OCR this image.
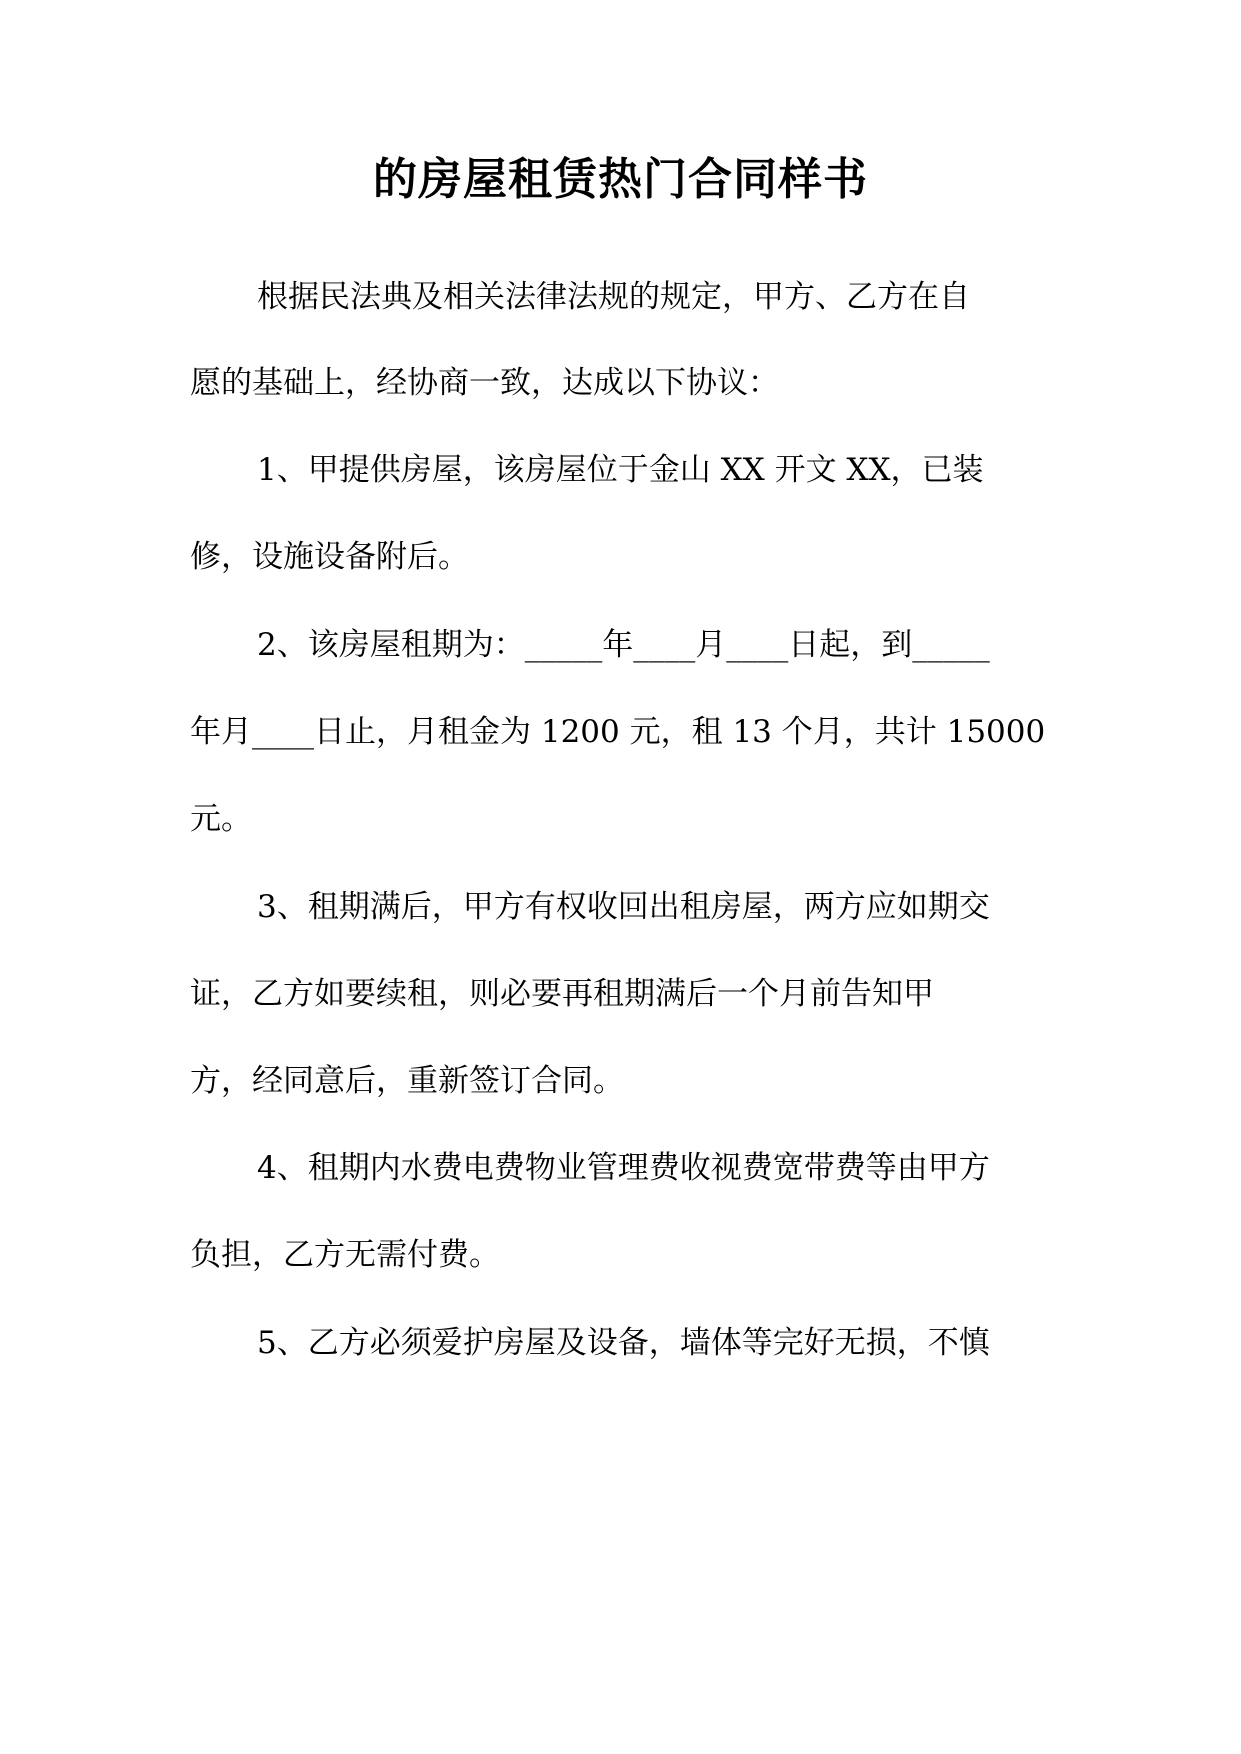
的房屋租赁热门合同样书
根据民法典及相关法律法规的规定，甲方、乙方在自
愿的基础上，经协商一致，达成以下协议：
1、甲提供房屋，该房屋位于金山 XX 开文 XX，已装
修，设施设备附后。
2、该房屋租期为：_____年____月____日起，到_____
年月____日止，月租金为 1200 元，租 13 个月，共计 15000
元。
3、租期满后，甲方有权收回出租房屋，两方应如期交
证，乙方如要续租，则必要再租期满后一个月前告知甲
方，经同意后，重新签订合同。
4、租期内水费电费物业管理费收视费宽带费等由甲方
负担，乙方无需付费。
5、乙方必须爱护房屋及设备，墙体等完好无损，不慎
